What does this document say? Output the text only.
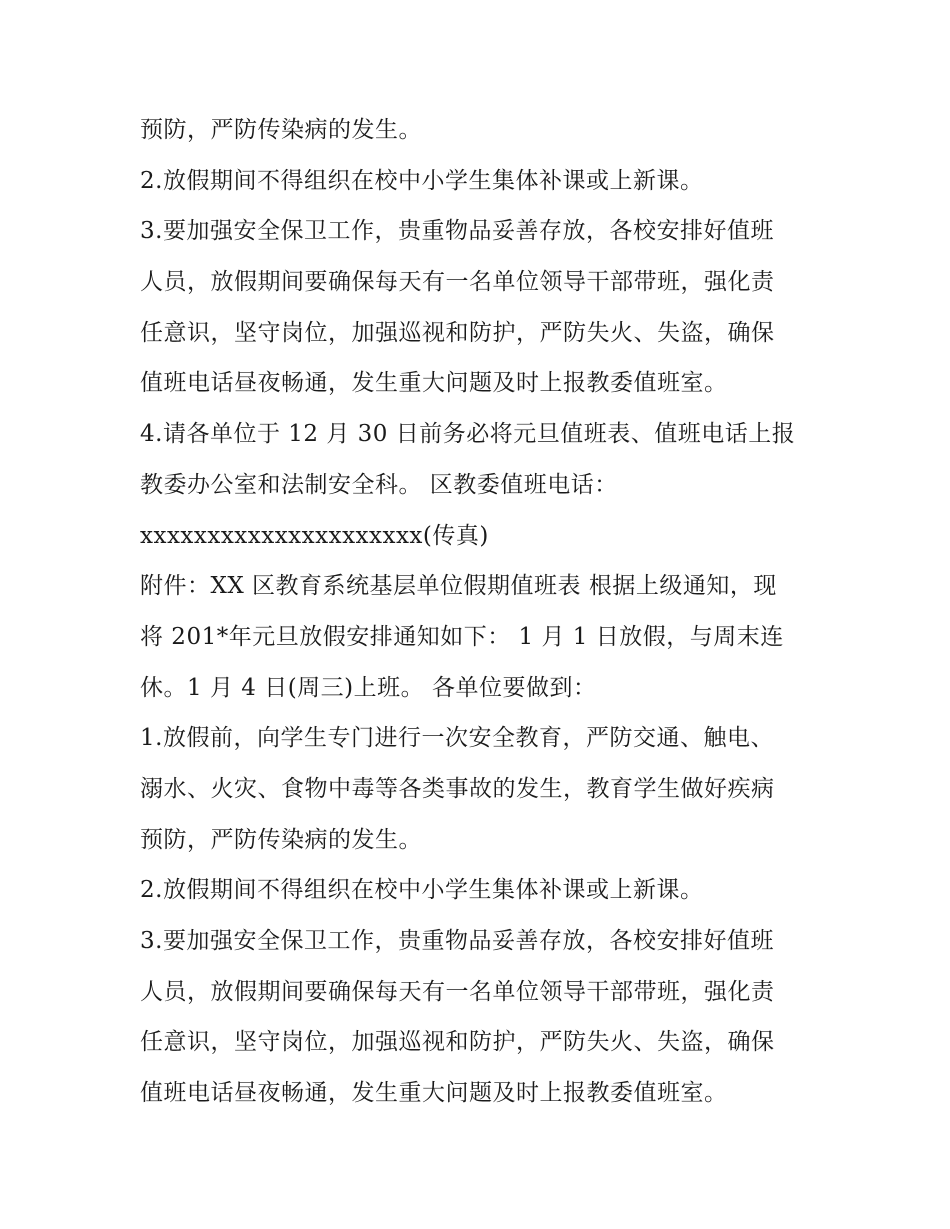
预防，严防传染病的发生。
2.放假期间不得组织在校中小学生集体补课或上新课。
3.要加强安全保卫工作，贵重物品妥善存放，各校安排好值班
人员，放假期间要确保每天有一名单位领导干部带班，强化责
任意识，坚守岗位，加强巡视和防护，严防失火、失盗，确保
值班电话昼夜畅通，发生重大问题及时上报教委值班室。
4.请各单位于 12 月 30 日前务必将元旦值班表、值班电话上报
教委办公室和法制安全科。 区教委值班电话：
xxxxxxxxxxxxxxxxxxxxx(传真)
附件：XX 区教育系统基层单位假期值班表 根据上级通知，现
将 201*年元旦放假安排通知如下： 1 月 1 日放假，与周末连
休。1 月 4 日(周三)上班。 各单位要做到：
1.放假前，向学生专门进行一次安全教育，严防交通、触电、
溺水、火灾、食物中毒等各类事故的发生，教育学生做好疾病
预防，严防传染病的发生。
2.放假期间不得组织在校中小学生集体补课或上新课。
3.要加强安全保卫工作，贵重物品妥善存放，各校安排好值班
人员，放假期间要确保每天有一名单位领导干部带班，强化责
任意识，坚守岗位，加强巡视和防护，严防失火、失盗，确保
值班电话昼夜畅通，发生重大问题及时上报教委值班室。
